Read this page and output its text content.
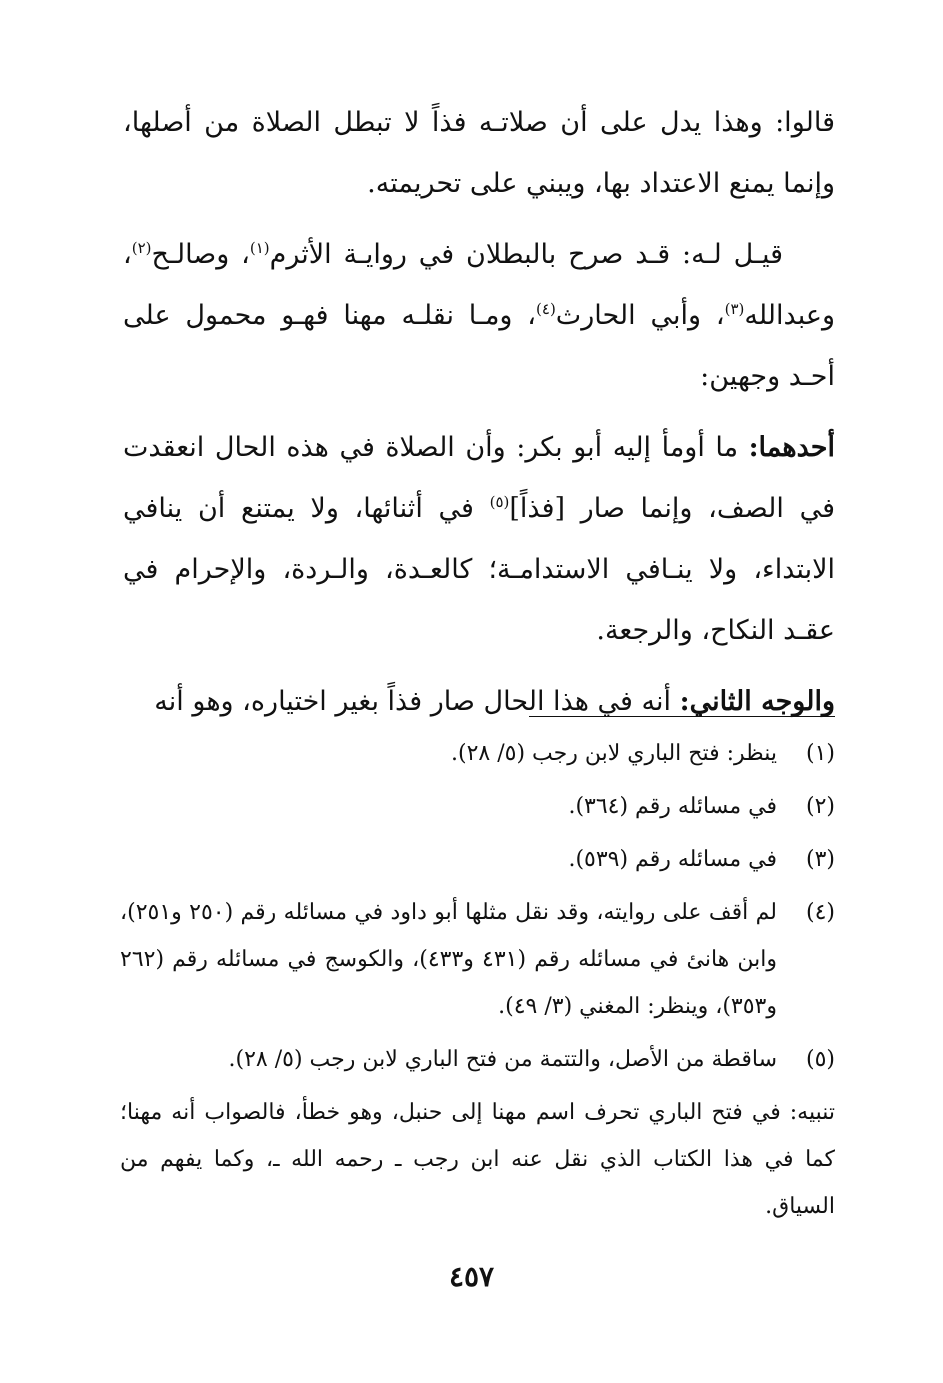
قالوا: وهذا يدل على أن صلاتـه فذاً لا تبطل الصلاة من أصلها، وإنما يمنع الاعتداد بها، ويبني على تحريمته.

قيـل لـه: قـد صرح بالبطلان في روايـة الأثرم$^{(١)}$، وصالـح$^{(٢)}$، وعبدالله$^{(٣)}$، وأبي الحارث$^{(٤)}$، ومـا نقلـه مهنا فهـو محمول على أحـد وجهين:

أحدهما: ما أومأ إليه أبو بكر: وأن الصلاة في هذه الحال انعقدت في الصف، وإنما صار [فذاً]$^{(٥)}$ في أثنائها، ولا يمتنع أن ينافي الابتداء، ولا ينـافي الاستدامـة؛ كالعـدة، والـردة، والإحرام في عقـد النكاح، والرجعة.

والوجه الثاني: أنه في هذا الحال صار فذاً بغير اختياره، وهو أنه

(١)
ينظر: فتح الباري لابن رجب (٥/ ٢٨).
(٢)
في مسائله رقم (٣٦٤).
(٣)
في مسائله رقم (٥٣٩).
(٤)
لم أقف على روايته، وقد نقل مثلها أبو داود في مسائله رقم (٢٥٠ و٢٥١)، وابن هانئ في مسائله رقم (٤٣١ و٤٣٣)، والكوسج في مسائله رقم (٢٦٢ و٣٥٣)، وينظر: المغني (٣/ ٤٩).
(٥)
ساقطة من الأصل، والتتمة من فتح الباري لابن رجب (٥/ ٢٨).
تنبيه: في فتح الباري تحرف اسم مهنا إلى حنبل، وهو خطأ، فالصواب أنه مهنا؛ كما في هذا الكتاب الذي نقل عنه ابن رجب ـ رحمه الله ـ، وكما يفهم من السياق.
٤٥٧
